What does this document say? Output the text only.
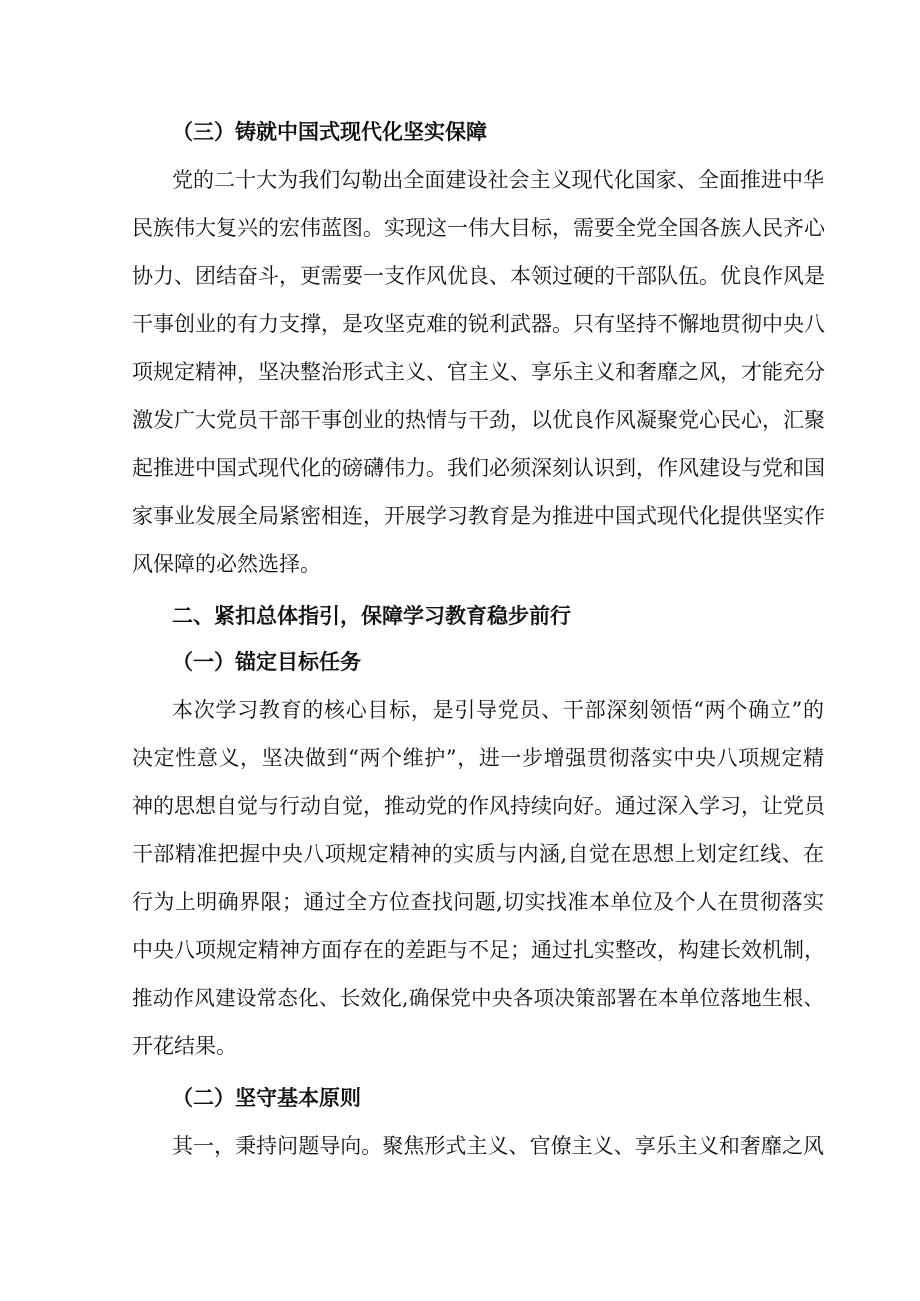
（三）铸就中国式现代化坚实保障
党的二十大为我们勾勒出全面建设社会主义现代化国家、全面推进中华
民族伟大复兴的宏伟蓝图。实现这一伟大目标，需要全党全国各族人民齐心
协力、团结奋斗，更需要一支作风优良、本领过硬的干部队伍。优良作风是
干事创业的有力支撑，是攻坚克难的锐利武器。只有坚持不懈地贯彻中央八
项规定精神，坚决整治形式主义、官主义、享乐主义和奢靡之风，才能充分
激发广大党员干部干事创业的热情与干劲，以优良作风凝聚党心民心，汇聚
起推进中国式现代化的磅礴伟力。我们必须深刻认识到，作风建设与党和国
家事业发展全局紧密相连，开展学习教育是为推进中国式现代化提供坚实作
风保障的必然选择。
二、紧扣总体指引，保障学习教育稳步前行
（一）锚定目标任务
本次学习教育的核心目标，是引导党员、干部深刻领悟“两个确立”的
决定性意义，坚决做到“两个维护”，进一步增强贯彻落实中央八项规定精
神的思想自觉与行动自觉，推动党的作风持续向好。通过深入学习，让党员
干部精准把握中央八项规定精神的实质与内涵,自觉在思想上划定红线、在
行为上明确界限；通过全方位查找问题,切实找准本单位及个人在贯彻落实
中央八项规定精神方面存在的差距与不足；通过扎实整改，构建长效机制，
推动作风建设常态化、长效化,确保党中央各项决策部署在本单位落地生根、
开花结果。
（二）坚守基本原则
其一，秉持问题导向。聚焦形式主义、官僚主义、享乐主义和奢靡之风
